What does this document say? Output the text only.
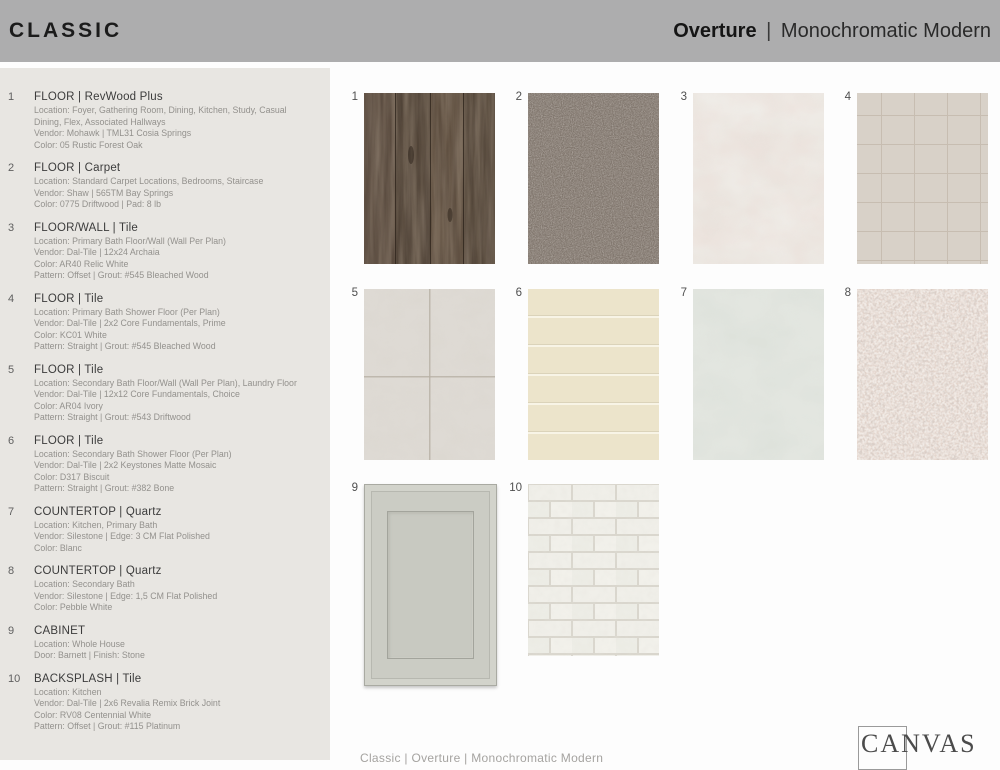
CLASSIC	Overture | Monochromatic Modern
1 FLOOR | RevWood Plus
Location: Foyer, Gathering Room, Dining, Kitchen, Study, Casual Dining, Flex, Associated Hallways
Vendor: Mohawk | TML31 Cosia Springs
Color: 05 Rustic Forest Oak
2 FLOOR | Carpet
Location: Standard Carpet Locations, Bedrooms, Staircase
Vendor: Shaw | 565TM Bay Springs
Color: 0775 Driftwood | Pad: 8 lb
3 FLOOR/WALL | Tile
Location: Primary Bath Floor/Wall (Wall Per Plan)
Vendor: Dal-Tile | 12x24 Archaia
Color: AR40 Relic White
Pattern: Offset | Grout: #545 Bleached Wood
4 FLOOR | Tile
Location: Primary Bath Shower Floor (Per Plan)
Vendor: Dal-Tile | 2x2 Core Fundamentals, Prime
Color: KC01 White
Pattern: Straight | Grout: #545 Bleached Wood
5 FLOOR | Tile
Location: Secondary Bath Floor/Wall (Wall Per Plan), Laundry Floor
Vendor: Dal-Tile | 12x12 Core Fundamentals, Choice
Color: AR04 Ivory
Pattern: Straight | Grout: #543 Driftwood
6 FLOOR | Tile
Location: Secondary Bath Shower Floor (Per Plan)
Vendor: Dal-Tile | 2x2 Keystones Matte Mosaic
Color: D317 Biscuit
Pattern: Straight | Grout: #382 Bone
7 COUNTERTOP | Quartz
Location: Kitchen, Primary Bath
Vendor: Silestone | Edge: 3 CM Flat Polished
Color: Blanc
8 COUNTERTOP | Quartz
Location: Secondary Bath
Vendor: Silestone | Edge: 1,5 CM Flat Polished
Color: Pebble White
9 CABINET
Location: Whole House
Door: Barnett | Finish: Stone
10 BACKSPLASH | Tile
Location: Kitchen
Vendor: Dal-Tile | 2x6 Revalia Remix Brick Joint
Color: RV08 Centennial White
Pattern: Offset | Grout: #115 Platinum
1	2	3	4
5	6	7	8
9	10
Classic | Overture | Monochromatic Modern	CANVAS
